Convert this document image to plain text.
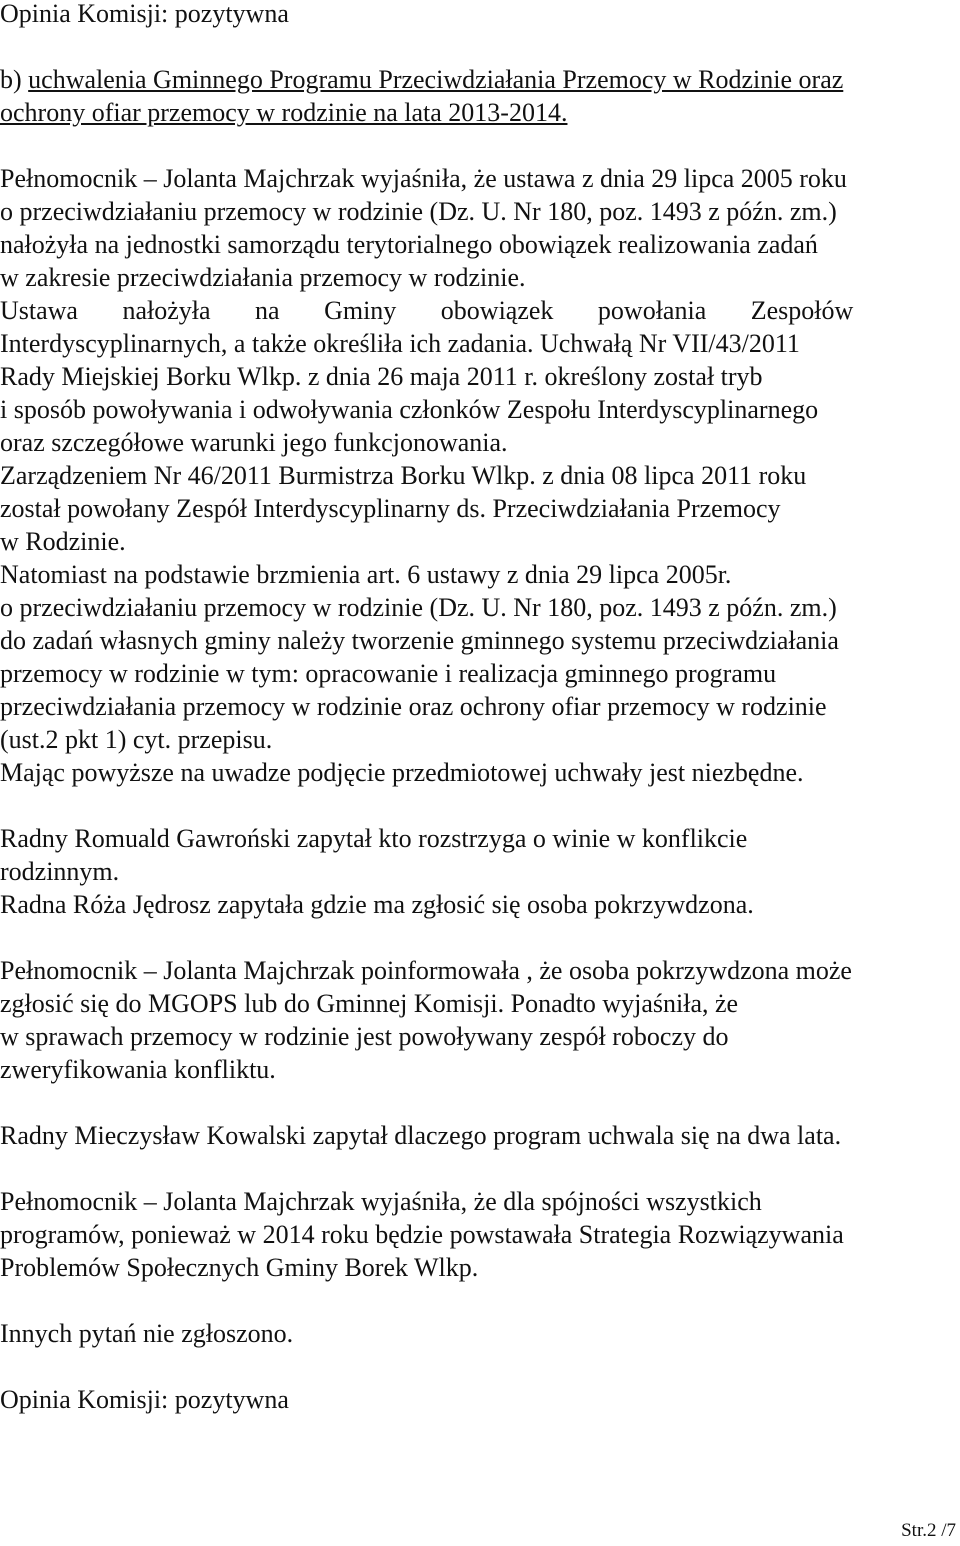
Opinia Komisji: pozytywna

b) uchwalenia Gminnego Programu Przeciwdziałania Przemocy w Rodzinie oraz
ochrony ofiar przemocy w rodzinie na lata 2013-2014.

Pełnomocnik – Jolanta Majchrzak wyjaśniła, że ustawa z dnia 29 lipca 2005 roku

o przeciwdziałaniu przemocy w rodzinie (Dz. U. Nr 180, poz. 1493 z późn. zm.)

nałożyła na jednostki samorządu terytorialnego obowiązek realizowania zadań

w zakresie przeciwdziałania przemocy w rodzinie.

Ustawa nałożyła na Gminy obowiązek powołania Zespołów

Interdyscyplinarnych, a także określiła ich zadania. Uchwałą Nr VII/43/2011

Rady Miejskiej Borku Wlkp. z dnia 26 maja 2011 r. określony został tryb

i sposób powoływania i odwoływania członków Zespołu Interdyscyplinarnego

oraz szczegółowe warunki jego funkcjonowania.

Zarządzeniem Nr 46/2011 Burmistrza Borku Wlkp. z dnia 08 lipca 2011 roku

został powołany Zespół Interdyscyplinarny ds. Przeciwdziałania Przemocy

w Rodzinie.

Natomiast na podstawie brzmienia art. 6 ustawy z dnia 29 lipca 2005r.

o przeciwdziałaniu przemocy w rodzinie (Dz. U. Nr 180, poz. 1493 z późn. zm.)

do zadań własnych gminy należy tworzenie gminnego systemu przeciwdziałania

przemocy w rodzinie w tym: opracowanie i realizacja gminnego programu

przeciwdziałania przemocy w rodzinie oraz ochrony ofiar przemocy w rodzinie

(ust.2 pkt 1) cyt. przepisu.

Mając powyższe na uwadze podjęcie przedmiotowej uchwały jest niezbędne.

Radny Romuald Gawroński zapytał kto rozstrzyga o winie w konflikcie

rodzinnym.

Radna Róża Jędrosz zapytała gdzie ma zgłosić się osoba pokrzywdzona.

Pełnomocnik – Jolanta Majchrzak poinformowała , że osoba pokrzywdzona może

zgłosić się do MGOPS lub do Gminnej Komisji. Ponadto wyjaśniła, że

w sprawach przemocy w rodzinie jest powoływany zespół roboczy do

zweryfikowania konfliktu.

Radny Mieczysław Kowalski zapytał dlaczego program uchwala się na dwa lata.

Pełnomocnik – Jolanta Majchrzak wyjaśniła, że dla spójności wszystkich

programów, ponieważ w 2014 roku będzie powstawała Strategia Rozwiązywania

Problemów Społecznych Gminy Borek Wlkp.

Innych pytań nie zgłoszono.

Opinia Komisji: pozytywna

Str.2 /7
